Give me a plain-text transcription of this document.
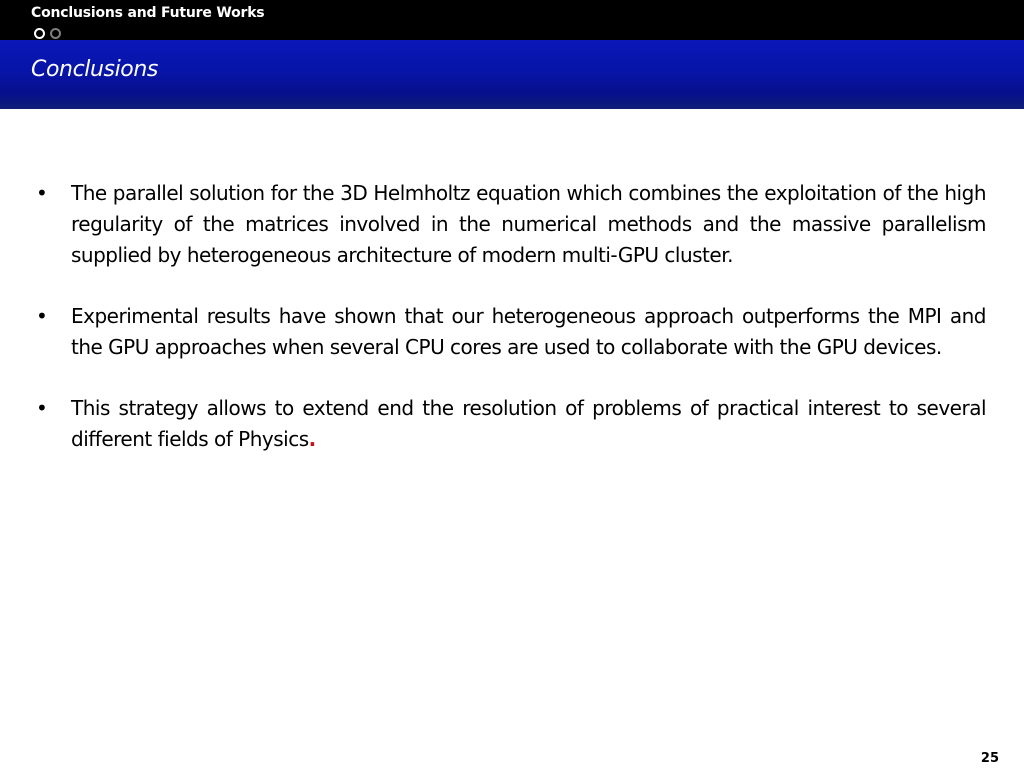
Conclusions and Future Works
Conclusions
• The parallel solution for the 3D Helmholtz equation which combines the exploitation of the high regularity of the matrices involved in the numerical methods and the massive parallelism supplied by heterogeneous architecture of modern multi-GPU cluster.
• Experimental results have shown that our heterogeneous approach outperforms the MPI and the GPU approaches when several CPU cores are used to collaborate with the GPU devices.
• This strategy allows to extend end the resolution of problems of practical interest to several different fields of Physics.
25
